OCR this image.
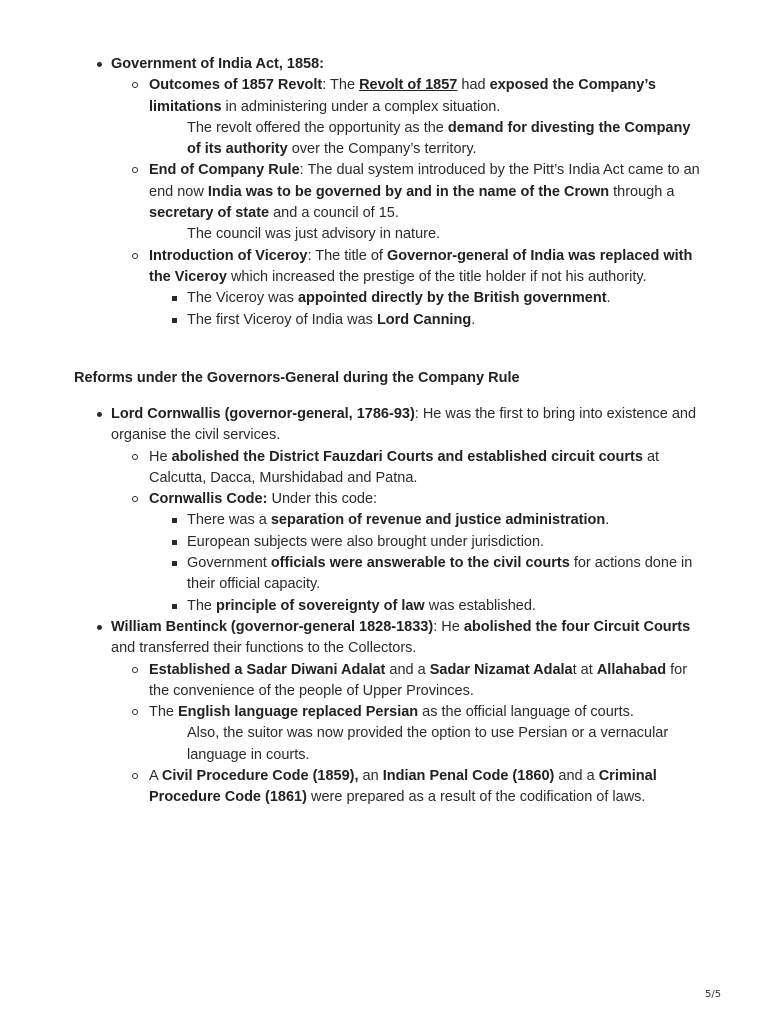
Government of India Act, 1858:
Outcomes of 1857 Revolt: The Revolt of 1857 had exposed the Company’s limitations in administering under a complex situation.
The revolt offered the opportunity as the demand for divesting the Company of its authority over the Company’s territory.
End of Company Rule: The dual system introduced by the Pitt’s India Act came to an end now India was to be governed by and in the name of the Crown through a secretary of state and a council of 15.
The council was just advisory in nature.
Introduction of Viceroy: The title of Governor-general of India was replaced with the Viceroy which increased the prestige of the title holder if not his authority.
The Viceroy was appointed directly by the British government.
The first Viceroy of India was Lord Canning.
Reforms under the Governors-General during the Company Rule
Lord Cornwallis (governor-general, 1786-93): He was the first to bring into existence and organise the civil services.
He abolished the District Fauzdari Courts and established circuit courts at Calcutta, Dacca, Murshidabad and Patna.
Cornwallis Code: Under this code:
There was a separation of revenue and justice administration.
European subjects were also brought under jurisdiction.
Government officials were answerable to the civil courts for actions done in their official capacity.
The principle of sovereignty of law was established.
William Bentinck (governor-general 1828-1833): He abolished the four Circuit Courts and transferred their functions to the Collectors.
Established a Sadar Diwani Adalat and a Sadar Nizamat Adalat at Allahabad for the convenience of the people of Upper Provinces.
The English language replaced Persian as the official language of courts.
Also, the suitor was now provided the option to use Persian or a vernacular language in courts.
A Civil Procedure Code (1859), an Indian Penal Code (1860) and a Criminal Procedure Code (1861) were prepared as a result of the codification of laws.
5/5
